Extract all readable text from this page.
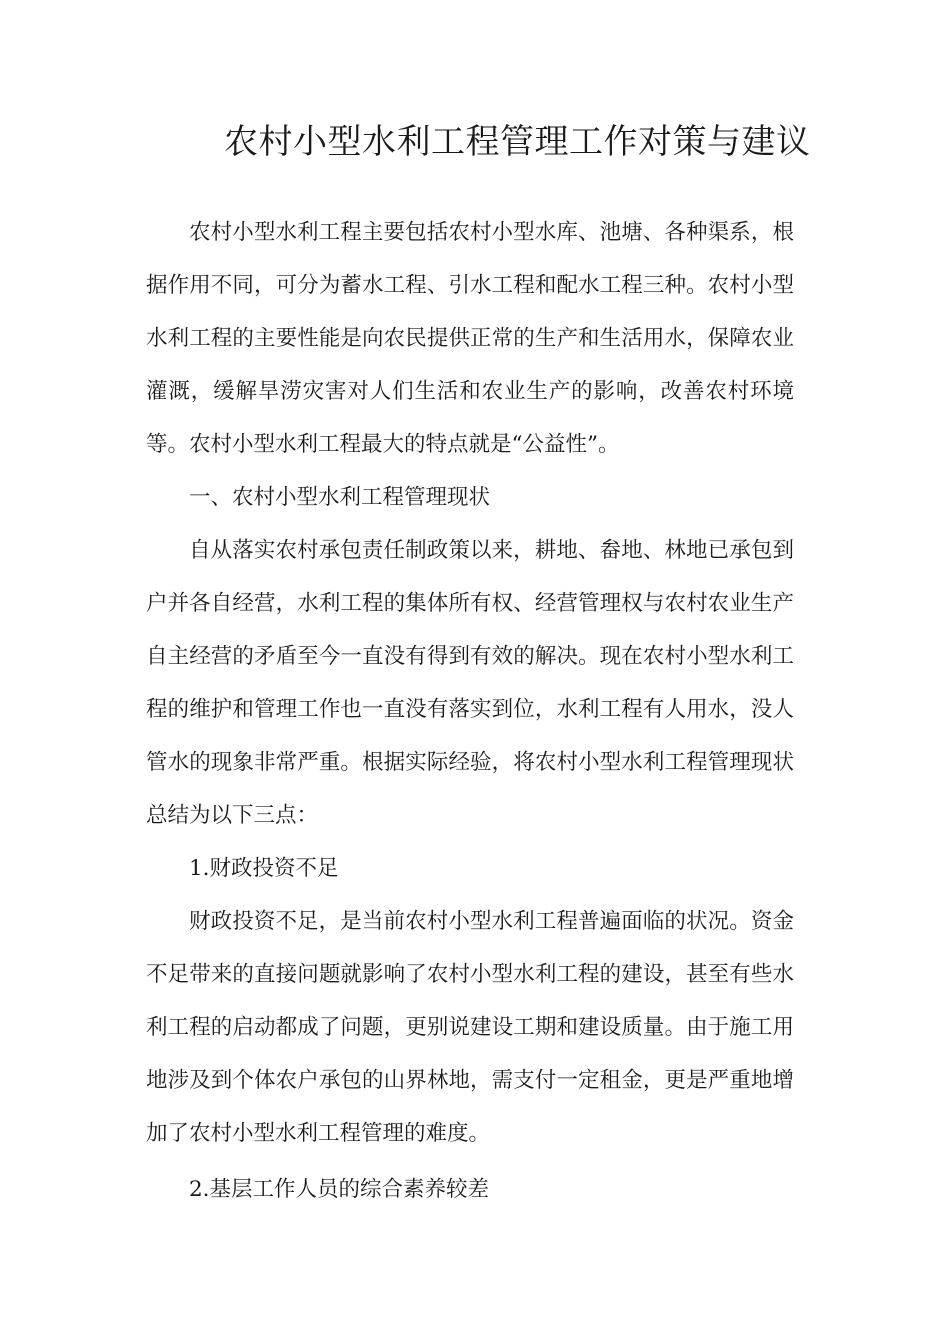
农村小型水利工程管理工作对策与建议

农村小型水利工程主要包括农村小型水库、池塘、各种渠系，根据作用不同，可分为蓄水工程、引水工程和配水工程三种。农村小型水利工程的主要性能是向农民提供正常的生产和生活用水，保障农业灌溉，缓解旱涝灾害对人们生活和农业生产的影响，改善农村环境等。农村小型水利工程最大的特点就是“公益性”。

一、农村小型水利工程管理现状

自从落实农村承包责任制政策以来，耕地、畚地、林地已承包到户并各自经营，水利工程的集体所有权、经营管理权与农村农业生产自主经营的矛盾至今一直没有得到有效的解决。现在农村小型水利工程的维护和管理工作也一直没有落实到位，水利工程有人用水，没人管水的现象非常严重。根据实际经验，将农村小型水利工程管理现状总结为以下三点：

1.财政投资不足

财政投资不足，是当前农村小型水利工程普遍面临的状况。资金不足带来的直接问题就影响了农村小型水利工程的建设，甚至有些水利工程的启动都成了问题，更别说建设工期和建设质量。由于施工用地涉及到个体农户承包的山界林地，需支付一定租金，更是严重地增加了农村小型水利工程管理的难度。

2.基层工作人员的综合素养较差
